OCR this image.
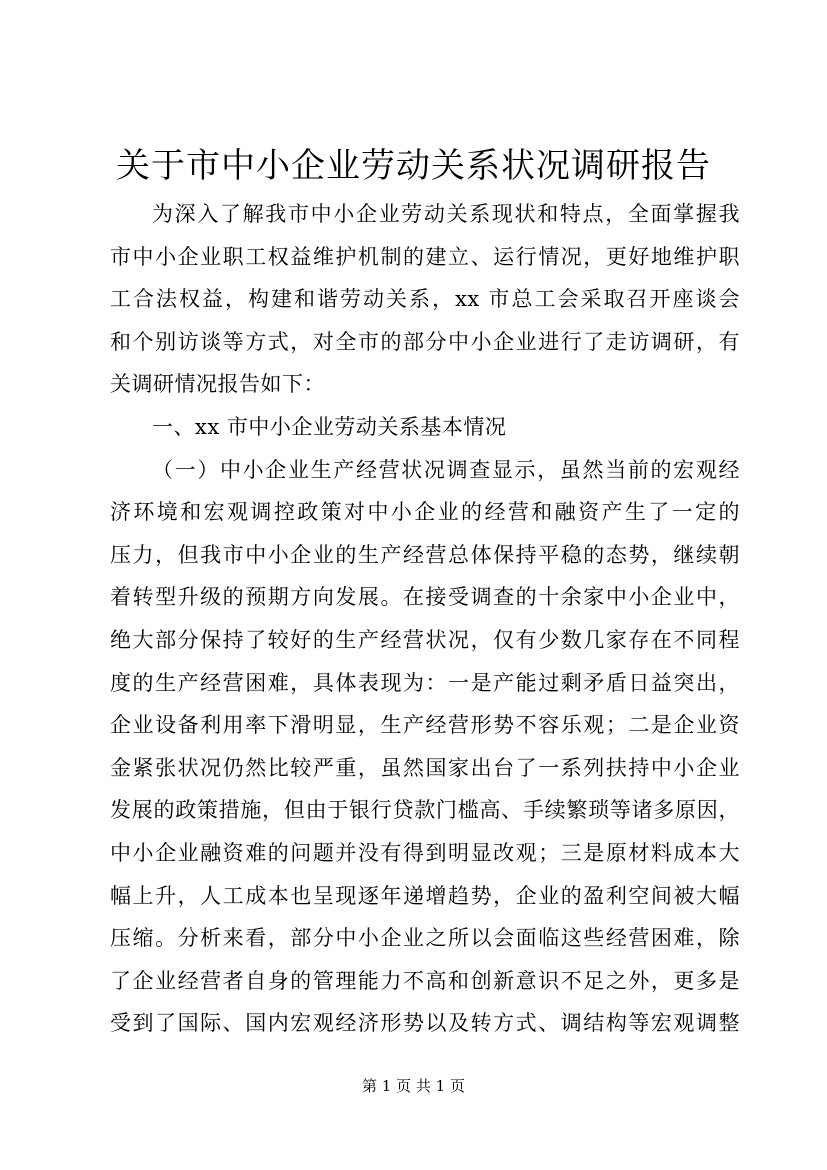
关于市中小企业劳动关系状况调研报告
为深入了解我市中小企业劳动关系现状和特点，全面掌握我
市中小企业职工权益维护机制的建立、运行情况，更好地维护职
工合法权益，构建和谐劳动关系，xx 市总工会采取召开座谈会
和个别访谈等方式，对全市的部分中小企业进行了走访调研，有
关调研情况报告如下：
一、xx 市中小企业劳动关系基本情况
（一）中小企业生产经营状况调查显示，虽然当前的宏观经
济环境和宏观调控政策对中小企业的经营和融资产生了一定的
压力，但我市中小企业的生产经营总体保持平稳的态势，继续朝
着转型升级的预期方向发展。在接受调查的十余家中小企业中，
绝大部分保持了较好的生产经营状况，仅有少数几家存在不同程
度的生产经营困难，具体表现为：一是产能过剩矛盾日益突出，
企业设备利用率下滑明显，生产经营形势不容乐观；二是企业资
金紧张状况仍然比较严重，虽然国家出台了一系列扶持中小企业
发展的政策措施，但由于银行贷款门槛高、手续繁琐等诸多原因，
中小企业融资难的问题并没有得到明显改观；三是原材料成本大
幅上升，人工成本也呈现逐年递增趋势，企业的盈利空间被大幅
压缩。分析来看，部分中小企业之所以会面临这些经营困难，除
了企业经营者自身的管理能力不高和创新意识不足之外，更多是
受到了国际、国内宏观经济形势以及转方式、调结构等宏观调整
第 1 页 共 1 页
